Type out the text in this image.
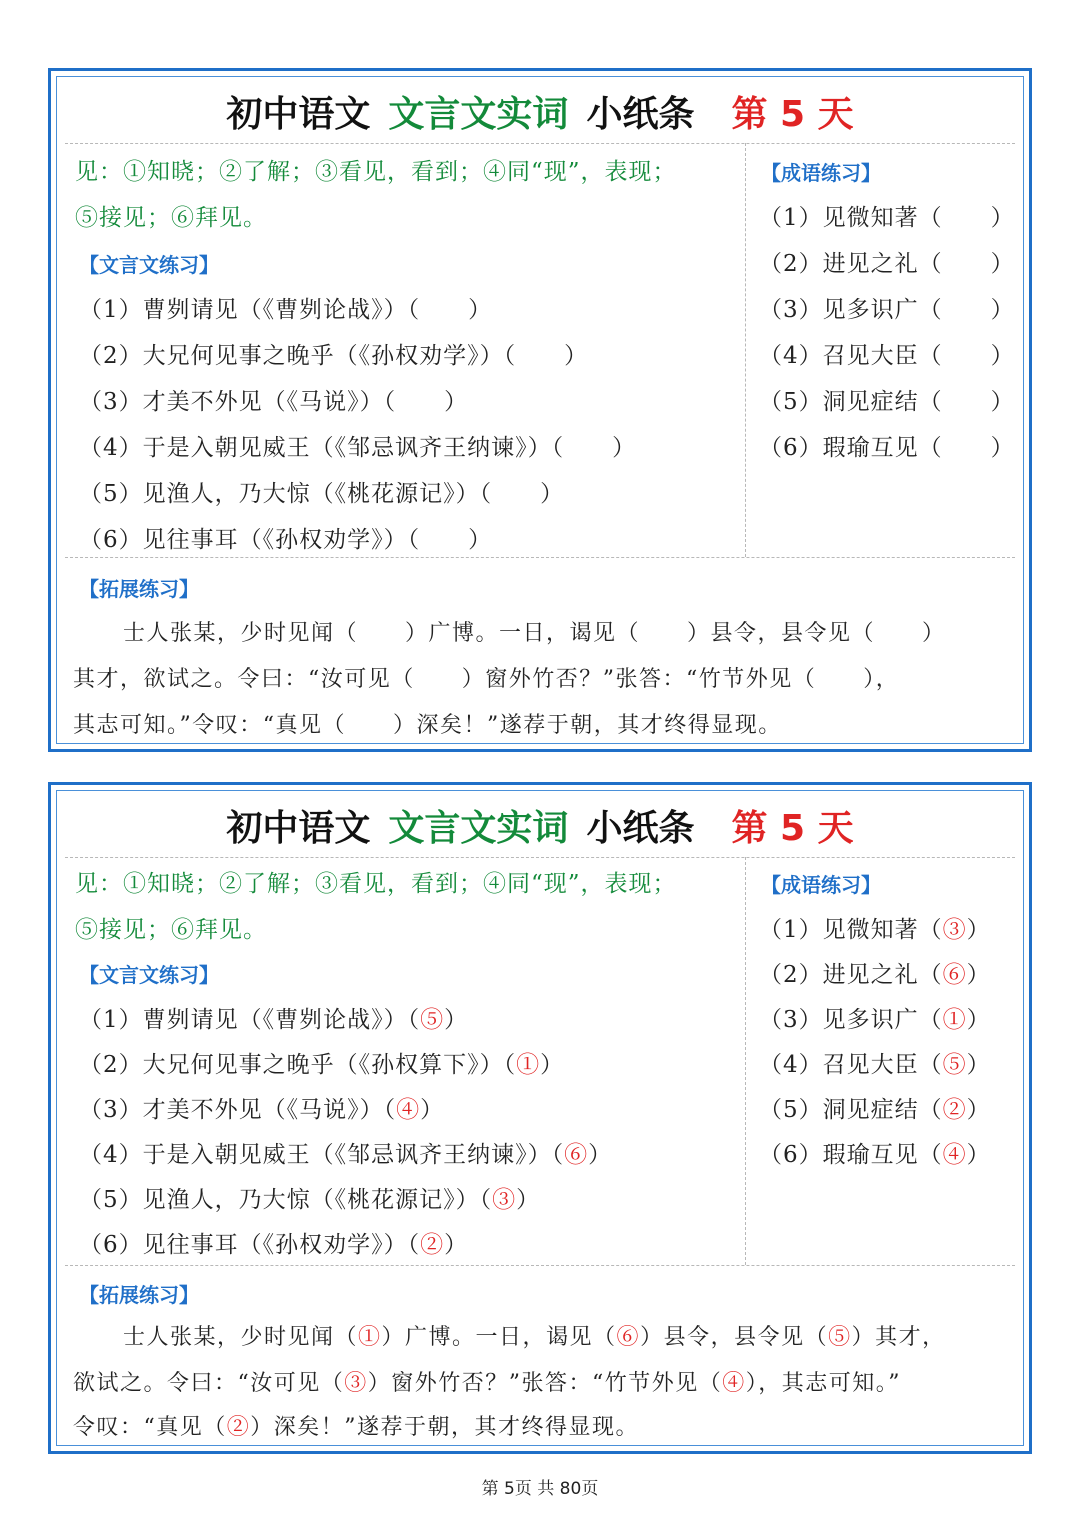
初中语文 文言文实词 小纸条 第 5 天
见：①知晓；②了解；③看见，看到；④同“现”，表现；
⑤接见；⑥拜见。
【文言文练习】
（1）曹刿请见（《曹刿论战》）（　　）
（2）大兄何见事之晚乎（《孙权劝学》）（　　）
（3）才美不外见（《马说》）（　　）
（4）于是入朝见威王（《邹忌讽齐王纳谏》）（　　）
（5）见渔人，乃大惊（《桃花源记》）（　　）
（6）见往事耳（《孙权劝学》）（　　）
【成语练习】
（1）见微知著（　　）
（2）进见之礼（　　）
（3）见多识广（　　）
（4）召见大臣（　　）
（5）洞见症结（　　）
（6）瑕瑜互见（　　）
【拓展练习】
士人张某，少时见闻（　　）广博。一日，谒见（　　）县令，县令见（　　）
其才，欲试之。令曰：“汝可见（　　）窗外竹否？”张答：“竹节外见（　　），
其志可知。”令叹：“真见（　　）深矣！”遂荐于朝，其才终得显现。
初中语文 文言文实词 小纸条 第 5 天
见：①知晓；②了解；③看见，看到；④同“现”，表现；
⑤接见；⑥拜见。
【文言文练习】
（1）曹刿请见（《曹刿论战》）（⑤）
（2）大兄何见事之晚乎（《孙权算下》）（①）
（3）才美不外见（《马说》）（④）
（4）于是入朝见威王（《邹忌讽齐王纳谏》）（⑥）
（5）见渔人，乃大惊（《桃花源记》）（③）
（6）见往事耳（《孙权劝学》）（②）
【成语练习】
（1）见微知著（③）
（2）进见之礼（⑥）
（3）见多识广（①）
（4）召见大臣（⑤）
（5）洞见症结（②）
（6）瑕瑜互见（④）
【拓展练习】
士人张某，少时见闻（①）广博。一日，谒见（⑥）县令，县令见（⑤）其才，
欲试之。令曰：“汝可见（③）窗外竹否？”张答：“竹节外见（④），其志可知。”
令叹：“真见（②）深矣！”遂荐于朝，其才终得显现。
第 5页 共 80页
